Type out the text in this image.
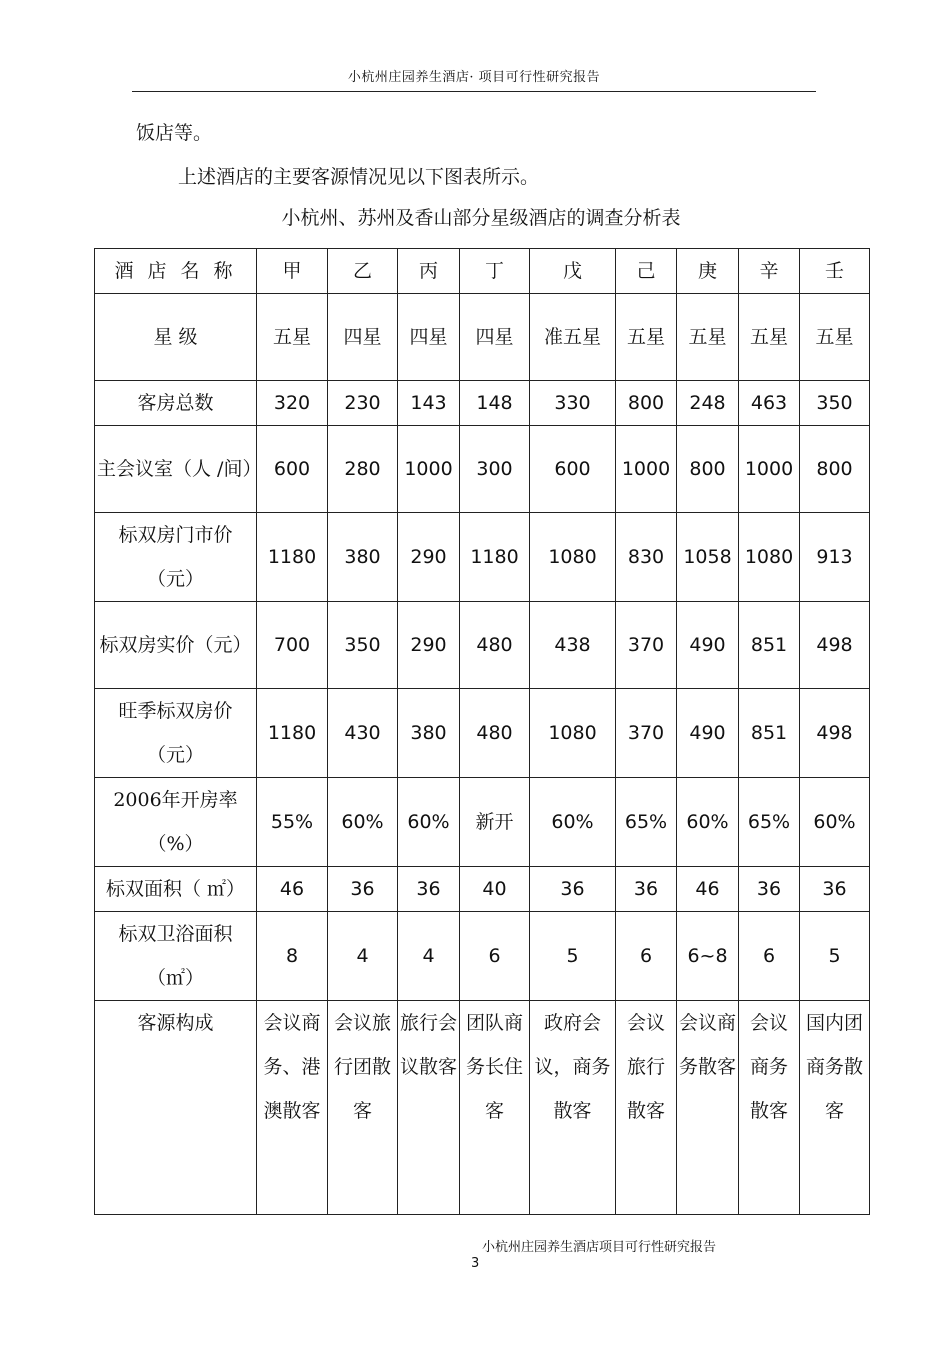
小杭州庄园养生酒店· 项目可行性研究报告
饭店等。
上述酒店的主要客源情况见以下图表所示。
小杭州、苏州及香山部分星级酒店的调查分析表
酒 店 名 称	甲	乙	丙	丁	戊	己	庚	辛	壬
星 级	五星	四星	四星	四星	准五星	五星	五星	五星	五星
客房总数	320	230	143	148	330	800	248	463	350
主会议室（人 /间）	600	280	1000	300	600	1000	800	1000	800
标双房门市价（元）	1180	380	290	1180	1080	830	1058	1080	913
标双房实价（元）	700	350	290	480	438	370	490	851	498
旺季标双房价（元）	1180	430	380	480	1080	370	490	851	498
2006年开房率（%）	55%	60%	60%	新开	60%	65%	60%	65%	60%
标双面积（ ㎡）	46	36	36	40	36	36	46	36	36
标双卫浴面积（㎡）	8	4	4	6	5	6	6~8	6	5
客源构成	会议商务、港澳散客	会议旅行团散客	旅行会议散客	团队商务长住客	政府会议，商务散客	会议旅行散客	会议商务散客	会议商务散客	国内团商务散客
小杭州庄园养生酒店项目可行性研究报告
3
